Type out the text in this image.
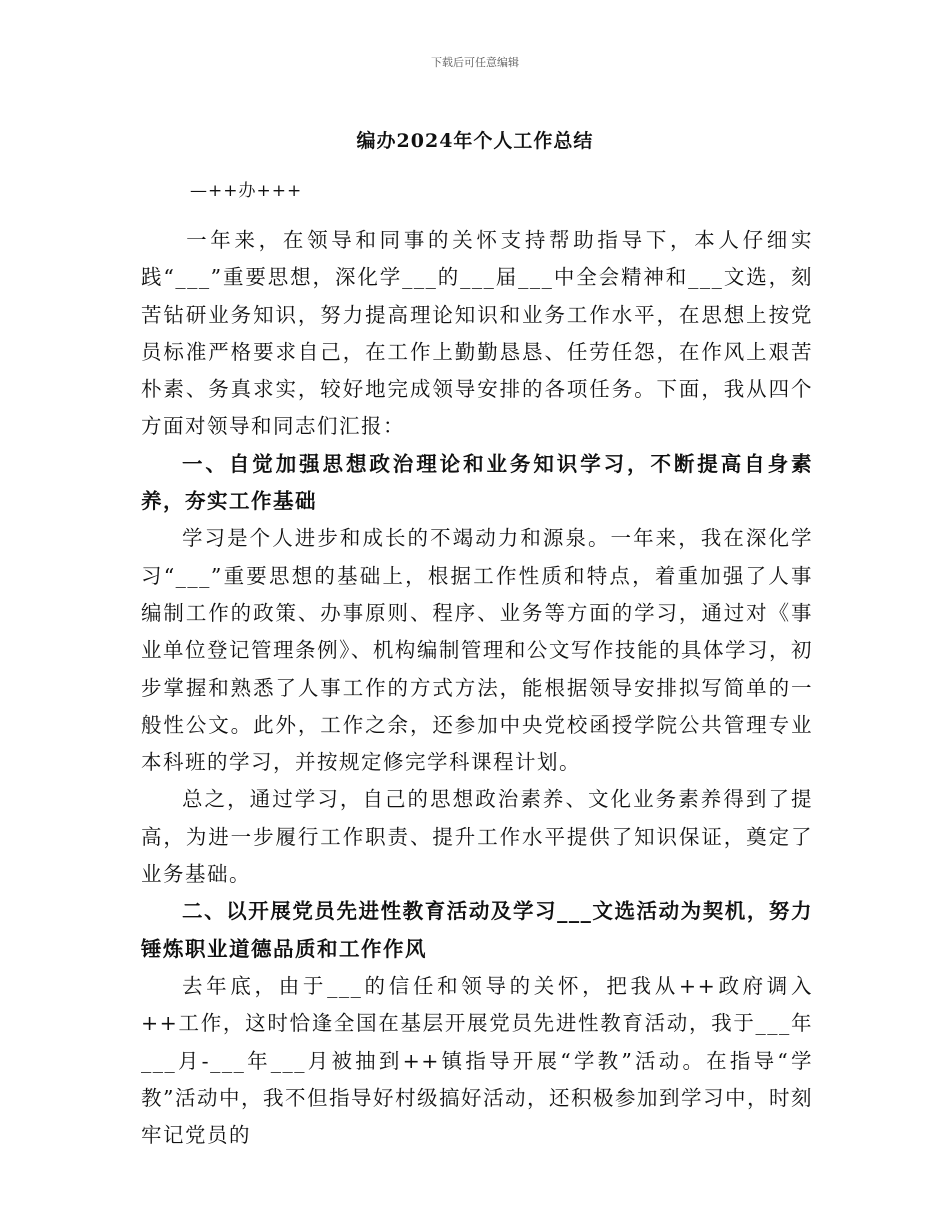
下载后可任意编辑
编办2024年个人工作总结
—++办+++

一年来，在领导和同事的关怀支持帮助指导下，本人仔细实践“___”重要思想，深化学___的___届___中全会精神和___文选，刻苦钻研业务知识，努力提高理论知识和业务工作水平，在思想上按党员标准严格要求自己，在工作上勤勤恳恳、任劳任怨，在作风上艰苦朴素、务真求实，较好地完成领导安排的各项任务。下面，我从四个方面对领导和同志们汇报：

一、自觉加强思想政治理论和业务知识学习，不断提高自身素养，夯实工作基础

学习是个人进步和成长的不竭动力和源泉。一年来，我在深化学习“___”重要思想的基础上，根据工作性质和特点，着重加强了人事编制工作的政策、办事原则、程序、业务等方面的学习，通过对《事业单位登记管理条例》、机构编制管理和公文写作技能的具体学习，初步掌握和熟悉了人事工作的方式方法，能根据领导安排拟写简单的一般性公文。此外，工作之余，还参加中央党校函授学院公共管理专业本科班的学习，并按规定修完学科课程计划。

总之，通过学习，自己的思想政治素养、文化业务素养得到了提高，为进一步履行工作职责、提升工作水平提供了知识保证，奠定了业务基础。

二、以开展党员先进性教育活动及学习___文选活动为契机，努力锤炼职业道德品质和工作作风

去年底，由于___的信任和领导的关怀，把我从++政府调入++工作，这时恰逢全国在基层开展党员先进性教育活动，我于___年___月-___年___月被抽到++镇指导开展“学教”活动。在指导“学教”活动中，我不但指导好村级搞好活动，还积极参加到学习中，时刻牢记党员的
